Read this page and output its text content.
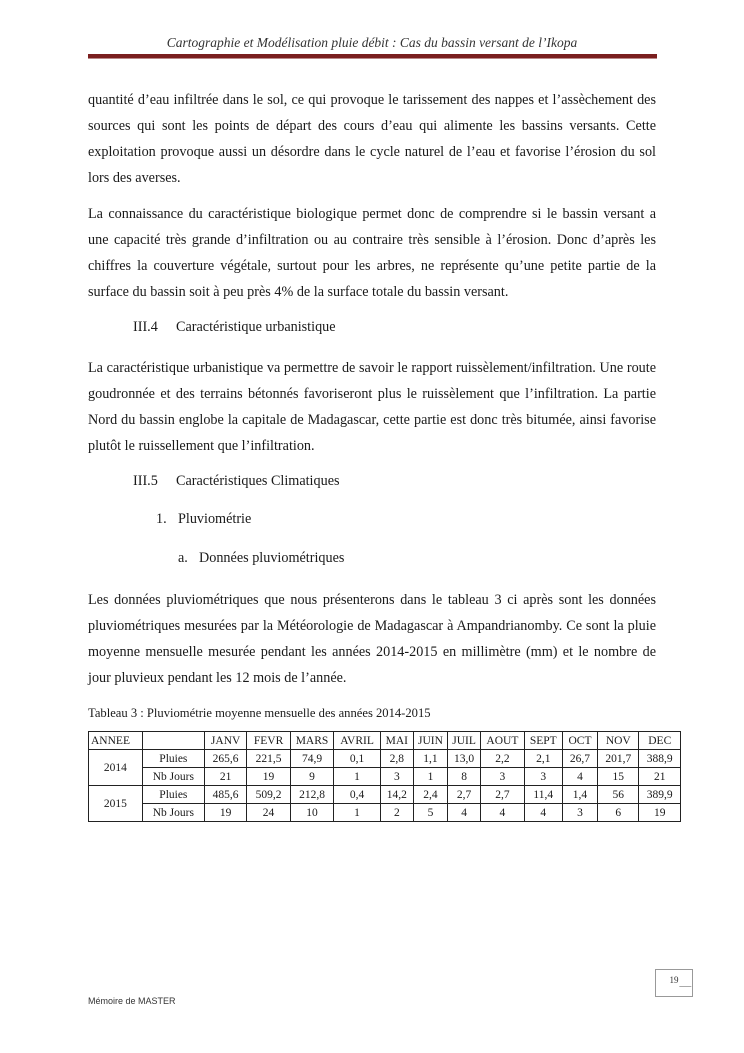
Cartographie et Modélisation pluie débit : Cas du bassin versant de l’Ikopa

quantité d’eau infiltrée dans le sol, ce qui provoque le tarissement des nappes et l’assèchement des sources qui sont les points de départ des cours d’eau qui alimente les bassins versants. Cette exploitation provoque aussi un désordre dans le cycle naturel de l’eau et favorise l’érosion du sol lors des averses.

La connaissance du caractéristique biologique permet donc de comprendre si le bassin versant a une capacité très grande d’infiltration ou au contraire très sensible à l’érosion. Donc d’après les chiffres la couverture végétale, surtout pour les arbres, ne représente qu’une petite partie de la surface du bassin soit à peu près 4% de la surface totale du bassin versant.

III.4 Caractéristique urbanistique

La caractéristique urbanistique va permettre de savoir le rapport ruissèlement/infiltration. Une route goudronnée et des terrains bétonnés favoriseront plus le ruissèlement que l’infiltration. La partie Nord du bassin englobe la capitale de Madagascar, cette partie est donc très bitumée, ainsi favorise plutôt le ruissellement que l’infiltration.

III.5 Caractéristiques Climatiques

1. Pluviométrie

a. Données pluviométriques

Les données pluviométriques que nous présenterons dans le tableau 3 ci après sont les données pluviométriques mesurées par la Météorologie de Madagascar à Ampandrianomby. Ce sont la pluie moyenne mensuelle mesurée pendant les années 2014-2015 en millimètre (mm) et le nombre de jour pluvieux pendant les 12 mois de l’année.

Tableau 3 : Pluviométrie moyenne mensuelle des années 2014-2015

ANNEE		JANV	FEVR	MARS	AVRIL	MAI	JUIN	JUIL	AOUT	SEPT	OCT	NOV	DEC
2014	Pluies	265,6	221,5	74,9	0,1	2,8	1,1	13,0	2,2	2,1	26,7	201,7	388,9
	Nb Jours	21	19	9	1	3	1	8	3	3	4	15	21
2015	Pluies	485,6	509,2	212,8	0,4	14,2	2,4	2,7	2,7	11,4	1,4	56	389,9
	Nb Jours	19	24	10	1	2	5	4	4	4	3	6	19
19
Mémoire de MASTER
